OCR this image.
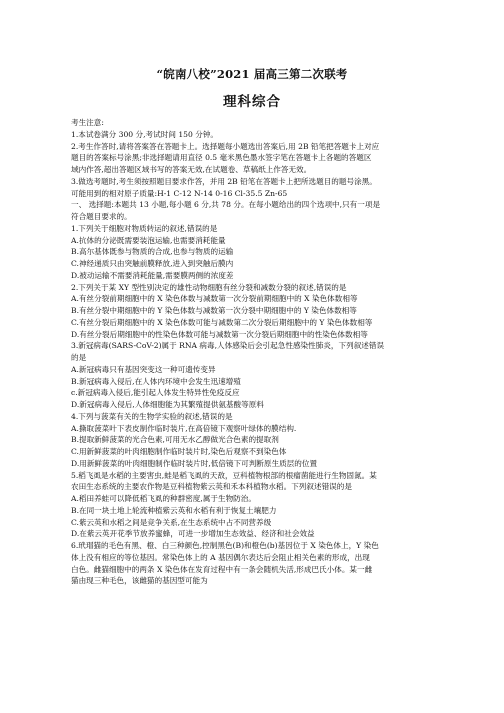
“皖南八校”2021 届高三第二次联考
理科综合
考生注意:
1.本试卷满分 300 分,考试时间 150 分钟。
2.考生作答时,请将答案答在答题卡上。选择题每小题选出答案后,用 2B 铅笔把答题卡上对应
题目的答案标号涂黑;非选择题请用直径 0.5 毫米黑色墨水签字笔在答题卡上各题的答题区
域内作答,超出答题区域书写的答案无效,在试题卷、草稿纸上作答无效。
3.做选考题时,考生须按照题目要求作答，并用 2B 铅笔在答题卡上把所选题目的题号涂黑。
可能用到的相对原子质量:H-1 C-12 N-14 0-16 Cl-35.5 Zn-65
一、 选择题:本题共 13 小题,每小题 6 分,共 78 分。在每小题给出的四个选项中,只有一项是
符合题目要求的。
1.下列关于细胞对物质转运的叙述,错误的是
A.抗体的分泌既需要装泡运输,也需要消耗能量
B.高尔基体既参与物质的合成,也参与物质的运输
C.神经递质只由突触前膜释放,进入到突触后膜内
D.被动运输不需要消耗能量,需要膜两侧的浓度差
2.下列关于某 XY 型性别决定的雄性动物细胞有丝分裂和减数分裂的叙述,错误的是
A.有丝分裂前期细胞中的 X 染色体数与减数第一次分裂前期细胞中的 X 染色体数相等
B.有丝分裂中期细胞中的 Y 染色体数与减数第一次分裂中期细胞中的 Y 染色体数相等
C.有丝分裂后期细胞中的 X 染色体数可能与减数第二次分裂后期细胞中的 Y 染色体数相等
D.有丝分裂后期细胞中的性染色体数可能与减数第一次分裂后期细胞中的性染色体数相等
3.新冠病毒(SARS-CoV-2)属于 RNA 病毒,人体感染后会引起急性感染性肺炎，下列叙述错误
的是
A.新冠病毒只有基因突变这一种可遗传变异
B.新冠病毒入侵后,在人体内环境中会发生迅速增殖
c.新冠病毒入侵后,能引起人体发生特异性免疫反应
D.新冠病毒入侵后,人体细胞能为其繁殖提供氨基酸等原料
4.下列与菠菜有关的生物学实验的叙述,错误的是
A.撕取菠菜叶下表皮制作临时装片,在高倍镜下观察叶绿体的膜结构.
B.提取新鲜菠菜的光合色素,可用无水乙醇做光合色素的提取剂
C.用新鲜菠菜的叶肉细胞制作临时装片时,染色后观察不到染色体
D.用新鲜菠菜的叶肉细胞制作临时装片时,低倍镜下可判断原生质层的位置
5.稻飞虱是水稻的主要害虫,蛙是稻飞虱的天敌，豆科植物根部的根瘤菌能进行生物固氮。某
农田生态系统的主要农作物是豆科植物紫云英和禾本科植物水稻。下列叙述错误的是
A.稻田养蛙可以降低稻飞虱的种群密度,属于生物防治。
B.在同一块土地上轮流种植紫云英和水稻有利于恢复土壤肥力
C.紫云英和水稻之间是竞争关系,在生态系统中占不同营养级
D.在紫云英开花季节放养蜜蜂，可进一步增加生态效益、经济和社会效益
6.玳瑁猫的毛色有黑、橙、白三种颜色,控制黑色(B)和橙色(b)基因位于 X 染色体上，Y 染色
体上没有相应的等位基因。常染色体上的 A 基因偶尔表达后会阻止相关色素的形成，出现
白色。雌猫细胞中的两条 X 染色体在发育过程中有一条会随机失活,形成巴氏小体。某一雌
猫由现三种毛色，该雌猫的基因型可能为
